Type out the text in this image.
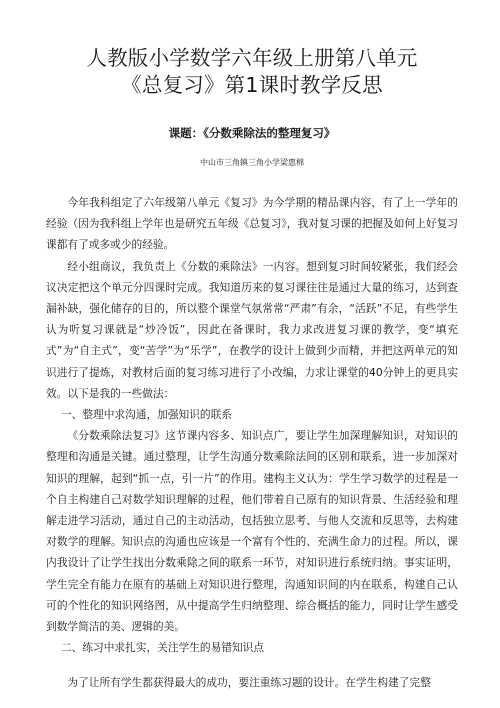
人教版小学数学六年级上册第八单元
《总复习》第1课时教学反思
课题：《分数乘除法的整理复习》
中山市三角镇三角小学梁惠棉

今年我科组定了六年级第八单元《复习》为今学期的精品课内容，有了上一学年的经验（因为我科组上学年也是研究五年级《总复习》，我对复习课的把握及如何上好复习课都有了或多或少的经验。

经小组商议，我负责上《分数的乘除法》一内容。想到复习时间较紧张，我们经会议决定把这个单元分四课时完成。我知道历来的复习课往往是通过大量的练习，达到查漏补缺，强化储存的目的，所以整个课堂气氛常常“严肃”有余，“活跃”不足，有些学生认为听复习课就是“炒冷饭”，因此在备课时，我力求改进复习课的教学，变“填充式”为“自主式”，变“苦学”为“乐学”，在教学的设计上做到少而精，并把这两单元的知识进行了提炼，对教材后面的复习练习进行了小改编，力求让课堂的40分钟上的更具实效。以下是我的一些做法：

一、整理中求沟通，加强知识的联系

《分数乘除法复习》这节课内容多、知识点广，要让学生加深理解知识，对知识的整理和沟通是关键。通过整理，让学生沟通分数乘除法间的区别和联系，进一步加深对知识的理解，起到“抓一点，引一片”的作用。建构主义认为：学生学习数学的过程是一个自主构建自己对数学知识理解的过程，他们带着自己原有的知识背景、生活经验和理解走进学习活动，通过自己的主动活动，包括独立思考、与他人交流和反思等，去构建对数学的理解。知识点的沟通也应该是一个富有个性的、充满生命力的过程。所以，课内我设计了让学生找出分数乘除之间的联系一环节，对知识进行系统归纳。事实证明，学生完全有能力在原有的基础上对知识进行整理，沟通知识间的内在联系，构建自己认可的个性化的知识网络图，从中提高学生归纳整理、综合概括的能力，同时让学生感受到数学简洁的美、逻辑的美。

二、练习中求扎实，关注学生的易错知识点

为了让所有学生都获得最大的成功，要注重练习题的设计。在学生构建了完整
